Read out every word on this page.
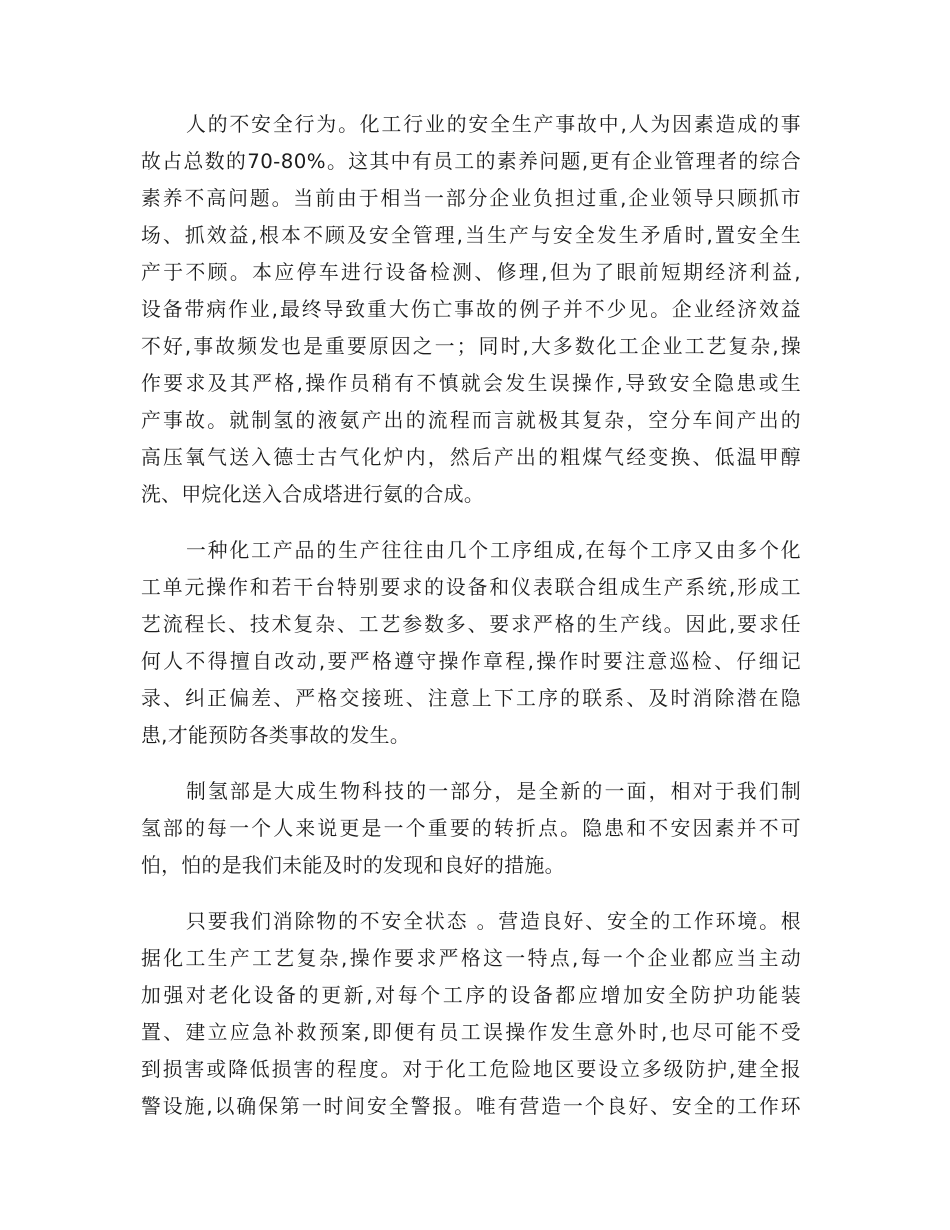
人的不安全行为。化工行业的安全生产事故中,人为因素造成的事
故占总数的70-80%。这其中有员工的素养问题,更有企业管理者的综合
素养不高问题。当前由于相当一部分企业负担过重,企业领导只顾抓市
场、抓效益,根本不顾及安全管理,当生产与安全发生矛盾时,置安全生
产于不顾。本应停车进行设备检测、修理,但为了眼前短期经济利益,
设备带病作业,最终导致重大伤亡事故的例子并不少见。企业经济效益
不好,事故频发也是重要原因之一；同时,大多数化工企业工艺复杂,操
作要求及其严格,操作员稍有不慎就会发生误操作,导致安全隐患或生
产事故。就制氢的液氨产出的流程而言就极其复杂，空分车间产出的
高压氧气送入德士古气化炉内，然后产出的粗煤气经变换、低温甲醇
洗、甲烷化送入合成塔进行氨的合成。
一种化工产品的生产往往由几个工序组成,在每个工序又由多个化
工单元操作和若干台特别要求的设备和仪表联合组成生产系统,形成工
艺流程长、技术复杂、工艺参数多、要求严格的生产线。因此,要求任
何人不得擅自改动,要严格遵守操作章程,操作时要注意巡检、仔细记
录、纠正偏差、严格交接班、注意上下工序的联系、及时消除潜在隐
患,才能预防各类事故的发生。
制氢部是大成生物科技的一部分，是全新的一面，相对于我们制
氢部的每一个人来说更是一个重要的转折点。隐患和不安因素并不可
怕，怕的是我们未能及时的发现和良好的措施。
只要我们消除物的不安全状态 。营造良好、安全的工作环境。根
据化工生产工艺复杂,操作要求严格这一特点,每一个企业都应当主动
加强对老化设备的更新,对每个工序的设备都应增加安全防护功能装
置、建立应急补救预案,即便有员工误操作发生意外时,也尽可能不受
到损害或降低损害的程度。对于化工危险地区要设立多级防护,建全报
警设施,以确保第一时间安全警报。唯有营造一个良好、安全的工作环
